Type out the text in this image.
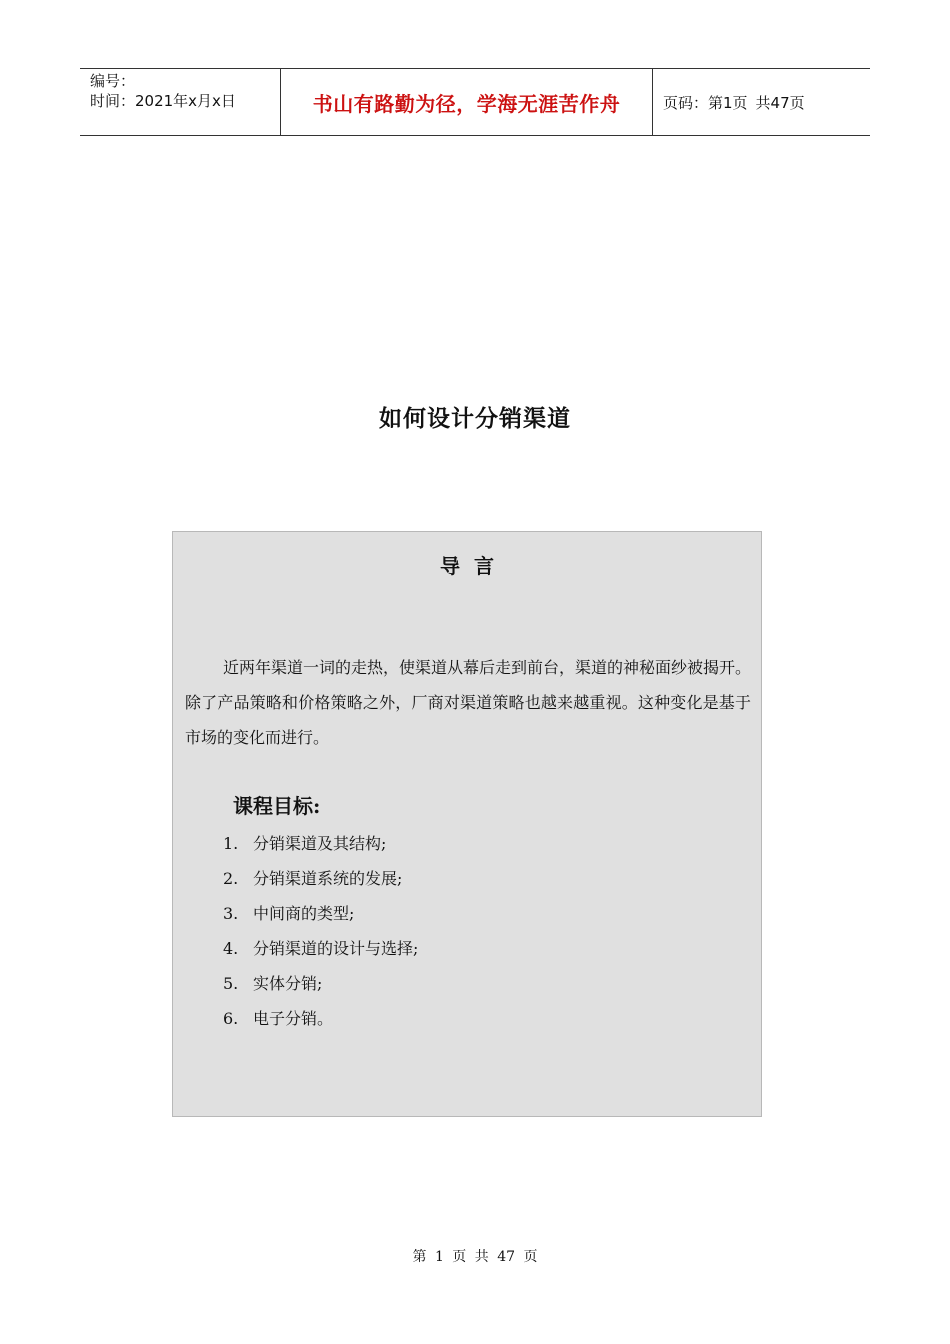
编号：
时间：2021年x月x日	书山有路勤为径，学海无涯苦作舟	页码：第1页 共47页
如何设计分销渠道
导言

近两年渠道一词的走热，使渠道从幕后走到前台，渠道的神秘面纱被揭开。除了产品策略和价格策略之外，厂商对渠道策略也越来越重视。这种变化是基于市场的变化而进行。

课程目标:
1. 分销渠道及其结构;
2. 分销渠道系统的发展;
3. 中间商的类型;
4. 分销渠道的设计与选择;
5. 实体分销;
6. 电子分销。
第 1 页 共 47 页
